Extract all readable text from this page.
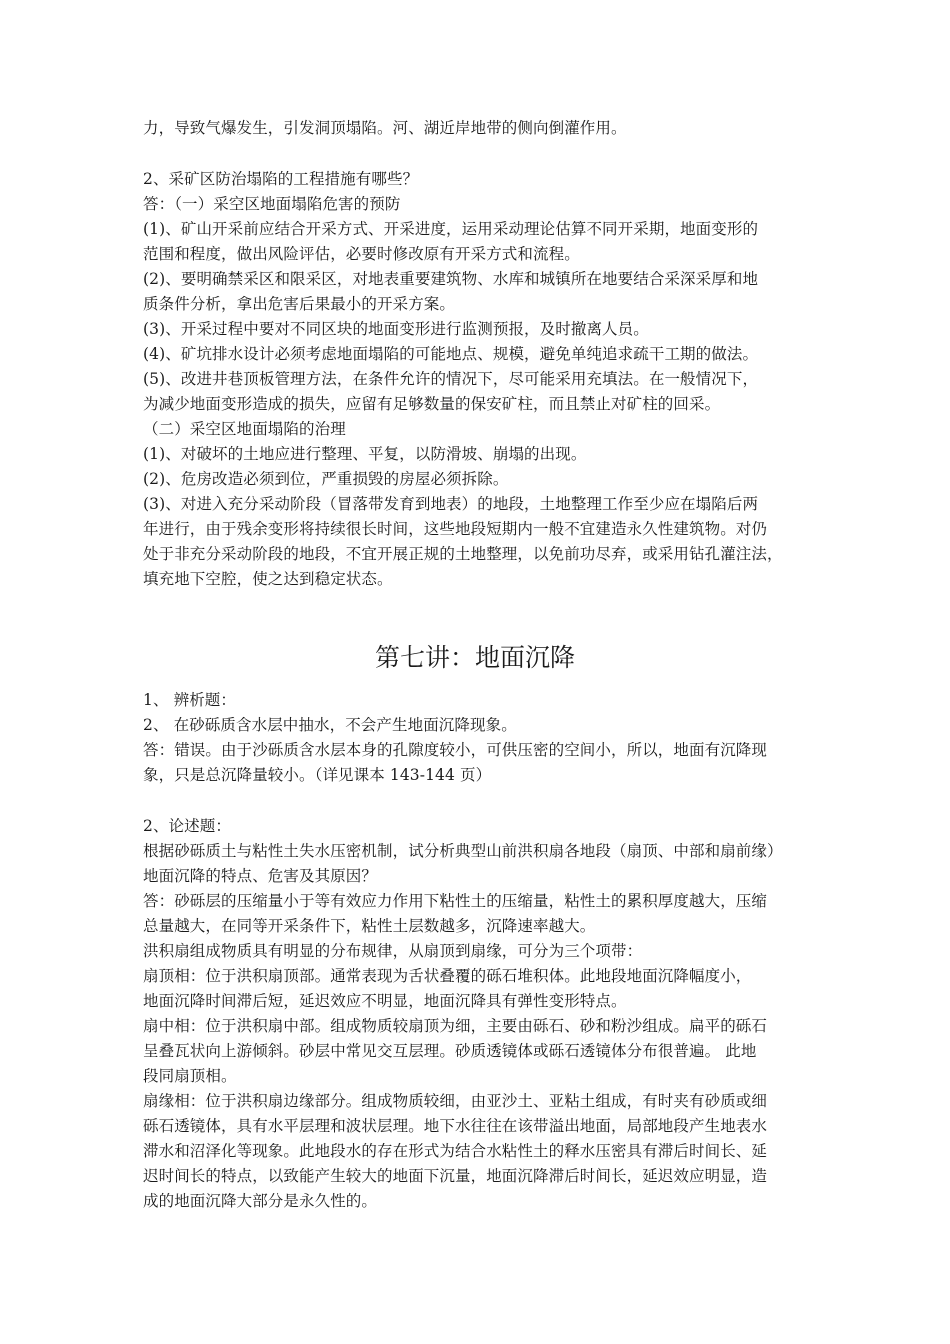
力，导致气爆发生，引发洞顶塌陷。河、湖近岸地带的侧向倒灌作用。
2、采矿区防治塌陷的工程措施有哪些？
答：（一）采空区地面塌陷危害的预防
(1)、矿山开采前应结合开采方式、开采进度，运用采动理论估算不同开采期，地面变形的
范围和程度，做出风险评估，必要时修改原有开采方式和流程。
(2)、要明确禁采区和限采区，对地表重要建筑物、水库和城镇所在地要结合采深采厚和地
质条件分析，拿出危害后果最小的开采方案。
(3)、开采过程中要对不同区块的地面变形进行监测预报，及时撤离人员。
(4)、矿坑排水设计必须考虑地面塌陷的可能地点、规模，避免单纯追求疏干工期的做法。
(5)、改进井巷顶板管理方法，在条件允许的情况下，尽可能采用充填法。在一般情况下，
为减少地面变形造成的损失，应留有足够数量的保安矿柱，而且禁止对矿柱的回采。
（二）采空区地面塌陷的治理
(1)、对破坏的土地应进行整理、平复，以防滑坡、崩塌的出现。
(2)、危房改造必须到位，严重损毁的房屋必须拆除。
(3)、对进入充分采动阶段（冒落带发育到地表）的地段，土地整理工作至少应在塌陷后两
年进行，由于残余变形将持续很长时间，这些地段短期内一般不宜建造永久性建筑物。对仍
处于非充分采动阶段的地段，不宜开展正规的土地整理，以免前功尽弃，或采用钻孔灌注法，
填充地下空腔，使之达到稳定状态。
第七讲：地面沉降
1、 辨析题：
2、 在砂砾质含水层中抽水，不会产生地面沉降现象。
答：错误。由于沙砾质含水层本身的孔隙度较小，可供压密的空间小，所以，地面有沉降现
象，只是总沉降量较小。（详见课本 143-144 页）
2、论述题：
根据砂砾质土与粘性土失水压密机制，试分析典型山前洪积扇各地段（扇顶、中部和扇前缘）
地面沉降的特点、危害及其原因？
答：砂砾层的压缩量小于等有效应力作用下粘性土的压缩量，粘性土的累积厚度越大，压缩
总量越大，在同等开采条件下，粘性土层数越多，沉降速率越大。
洪积扇组成物质具有明显的分布规律，从扇顶到扇缘，可分为三个项带：
扇顶相：位于洪积扇顶部。通常表现为舌状叠覆的砾石堆积体。此地段地面沉降幅度小，
地面沉降时间滞后短，延迟效应不明显，地面沉降具有弹性变形特点。
扇中相：位于洪积扇中部。组成物质较扇顶为细，主要由砾石、砂和粉沙组成。扁平的砾石
呈叠瓦状向上游倾斜。砂层中常见交互层理。砂质透镜体或砾石透镜体分布很普遍。 此地
段同扇顶相。
扇缘相：位于洪积扇边缘部分。组成物质较细，由亚沙土、亚粘土组成，有时夹有砂质或细
砾石透镜体，具有水平层理和波状层理。地下水往往在该带溢出地面，局部地段产生地表水
滞水和沼泽化等现象。此地段水的存在形式为结合水粘性土的释水压密具有滞后时间长、延
迟时间长的特点，以致能产生较大的地面下沉量，地面沉降滞后时间长，延迟效应明显，造
成的地面沉降大部分是永久性的。
